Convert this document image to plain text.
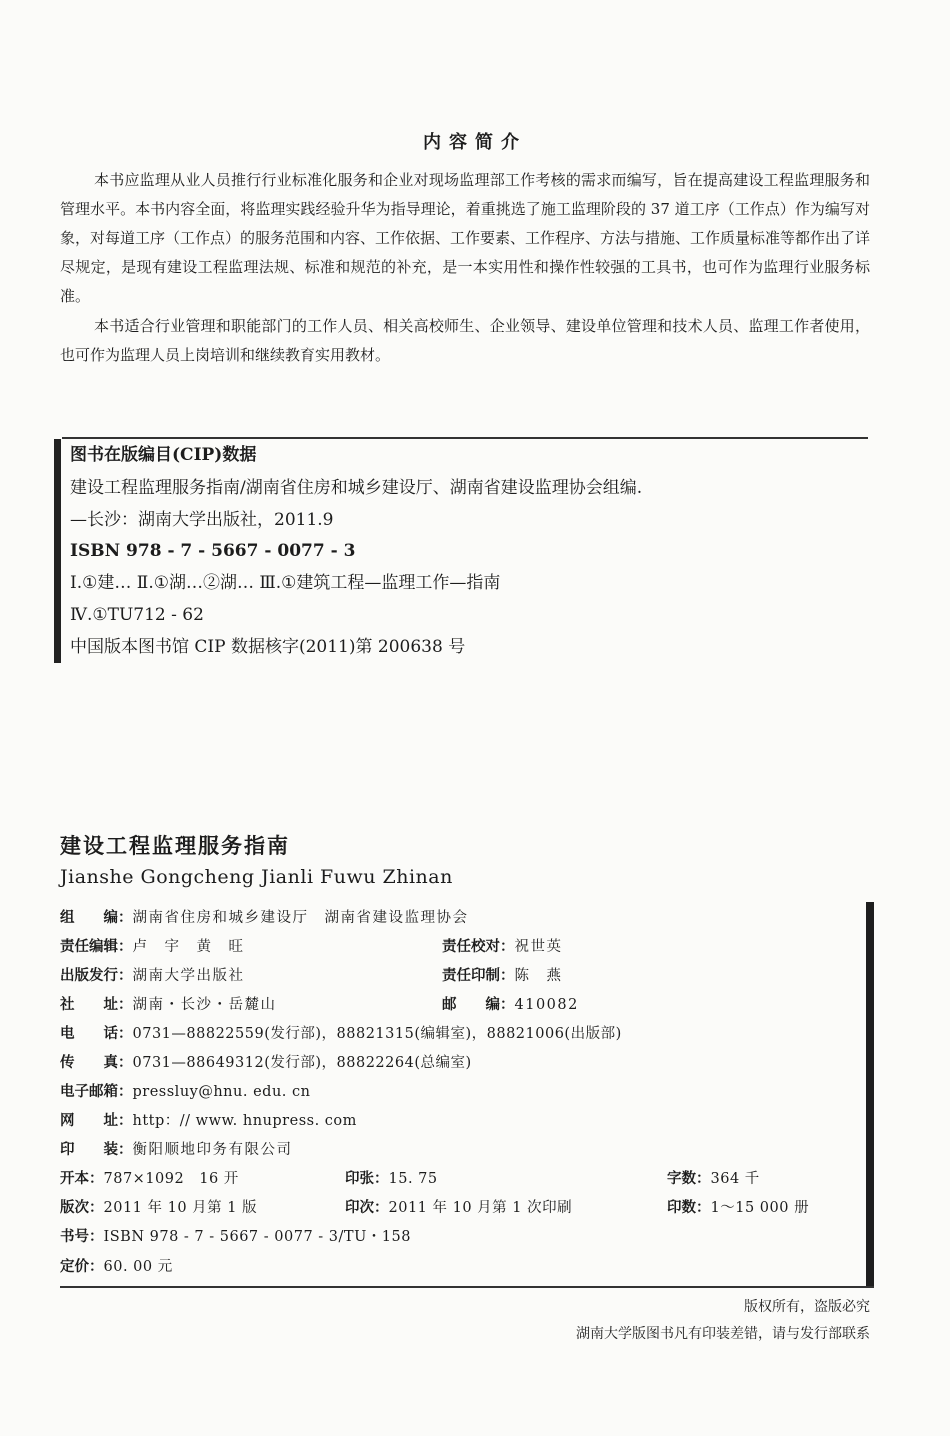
内容简介
本书应监理从业人员推行行业标准化服务和企业对现场监理部工作考核的需求而编写，旨在提高建设工程监理服务和管理水平。本书内容全面，将监理实践经验升华为指导理论，着重挑选了施工监理阶段的 37 道工序（工作点）作为编写对象，对每道工序（工作点）的服务范围和内容、工作依据、工作要素、工作程序、方法与措施、工作质量标准等都作出了详尽规定，是现有建设工程监理法规、标准和规范的补充，是一本实用性和操作性较强的工具书，也可作为监理行业服务标准。
本书适合行业管理和职能部门的工作人员、相关高校师生、企业领导、建设单位管理和技术人员、监理工作者使用，也可作为监理人员上岗培训和继续教育实用教材。
图书在版编目(CIP)数据
建设工程监理服务指南/湖南省住房和城乡建设厅、湖南省建设监理协会组编.
—长沙：湖南大学出版社，2011.9
ISBN 978 - 7 - 5667 - 0077 - 3
Ⅰ.①建… Ⅱ.①湖…②湖… Ⅲ.①建筑工程—监理工作—指南
Ⅳ.①TU712 - 62
中国版本图书馆 CIP 数据核字(2011)第 200638 号
建设工程监理服务指南
Jianshe Gongcheng Jianli Fuwu Zhinan
组　　编：湖南省住房和城乡建设厅　湖南省建设监理协会
责任编辑：卢　宇　黄　旺	责任校对：祝世英
出版发行：湖南大学出版社	责任印制：陈　燕
社　　址：湖南・长沙・岳麓山	邮　　编：410082
电　　话：0731—88822559(发行部)，88821315(编辑室)，88821006(出版部)
传　　真：0731—88649312(发行部)，88822264(总编室)
电子邮箱：pressluy@hnu. edu. cn
网　　址：http：// www. hnupress. com
印　　装：衡阳顺地印务有限公司
开本：787×1092　16 开	印张：15. 75	字数：364 千
版次：2011 年 10 月第 1 版	印次：2011 年 10 月第 1 次印刷	印数：1～15 000 册
书号：ISBN 978 - 7 - 5667 - 0077 - 3/TU・158
定价：60. 00 元
版权所有，盗版必究
湖南大学版图书凡有印装差错，请与发行部联系
